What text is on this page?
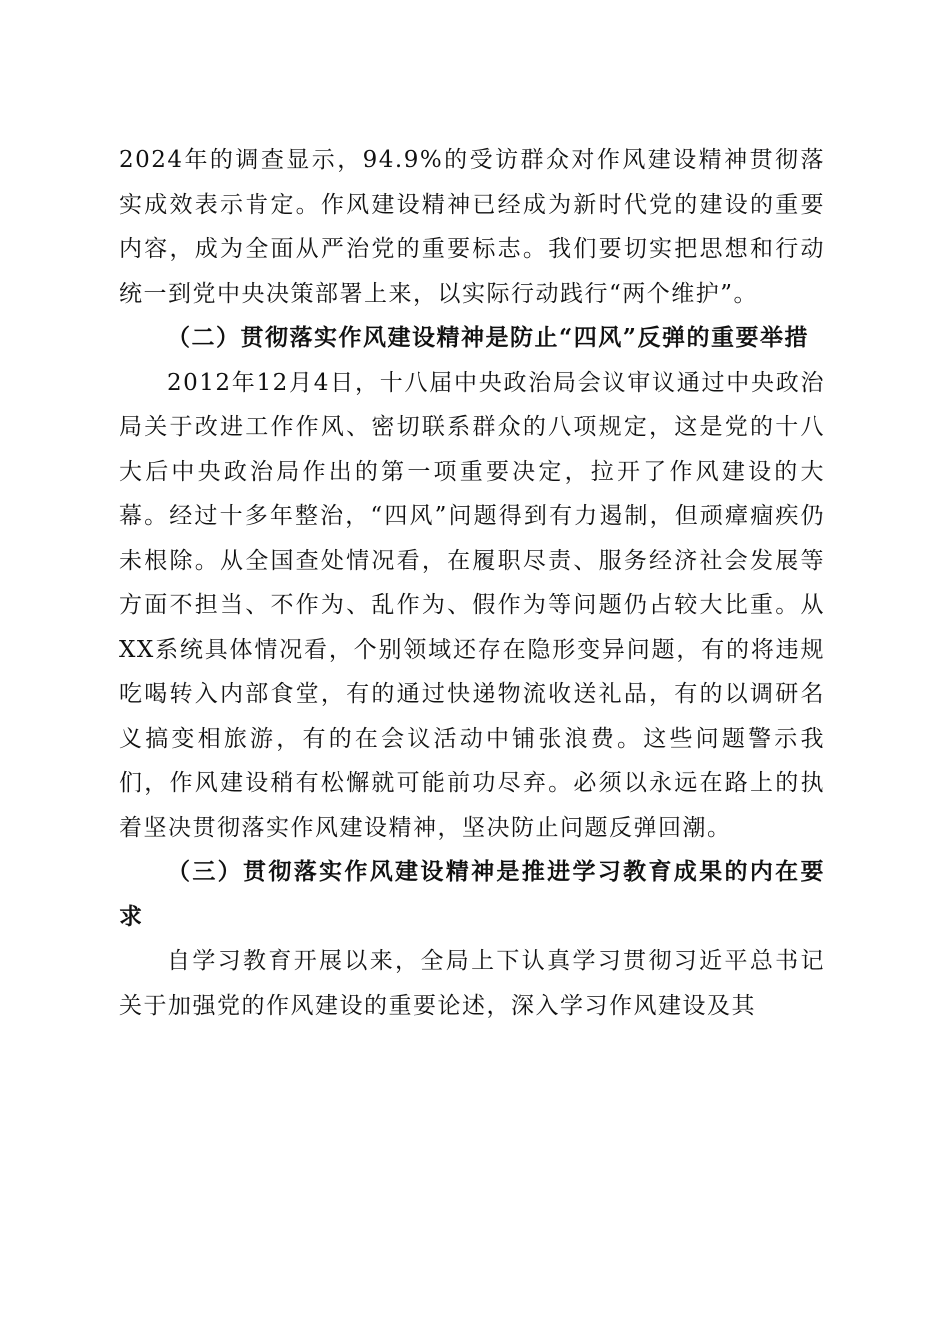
2024年的调查显示，94.9%的受访群众对作风建设精神贯彻落实成效表示肯定。作风建设精神已经成为新时代党的建设的重要内容，成为全面从严治党的重要标志。我们要切实把思想和行动统一到党中央决策部署上来，以实际行动践行“两个维护”。

（二）贯彻落实作风建设精神是防止“四风”反弹的重要举措

2012年12月4日，十八届中央政治局会议审议通过中央政治局关于改进工作作风、密切联系群众的八项规定，这是党的十八大后中央政治局作出的第一项重要决定，拉开了作风建设的大幕。经过十多年整治，“四风”问题得到有力遏制，但顽瘴痼疾仍未根除。从全国查处情况看，在履职尽责、服务经济社会发展等方面不担当、不作为、乱作为、假作为等问题仍占较大比重。从XX系统具体情况看，个别领域还存在隐形变异问题，有的将违规吃喝转入内部食堂，有的通过快递物流收送礼品，有的以调研名义搞变相旅游，有的在会议活动中铺张浪费。这些问题警示我们，作风建设稍有松懈就可能前功尽弃。必须以永远在路上的执着坚决贯彻落实作风建设精神，坚决防止问题反弹回潮。

（三）贯彻落实作风建设精神是推进学习教育成果的内在要求

自学习教育开展以来，全局上下认真学习贯彻习近平总书记关于加强党的作风建设的重要论述，深入学习作风建设及其
